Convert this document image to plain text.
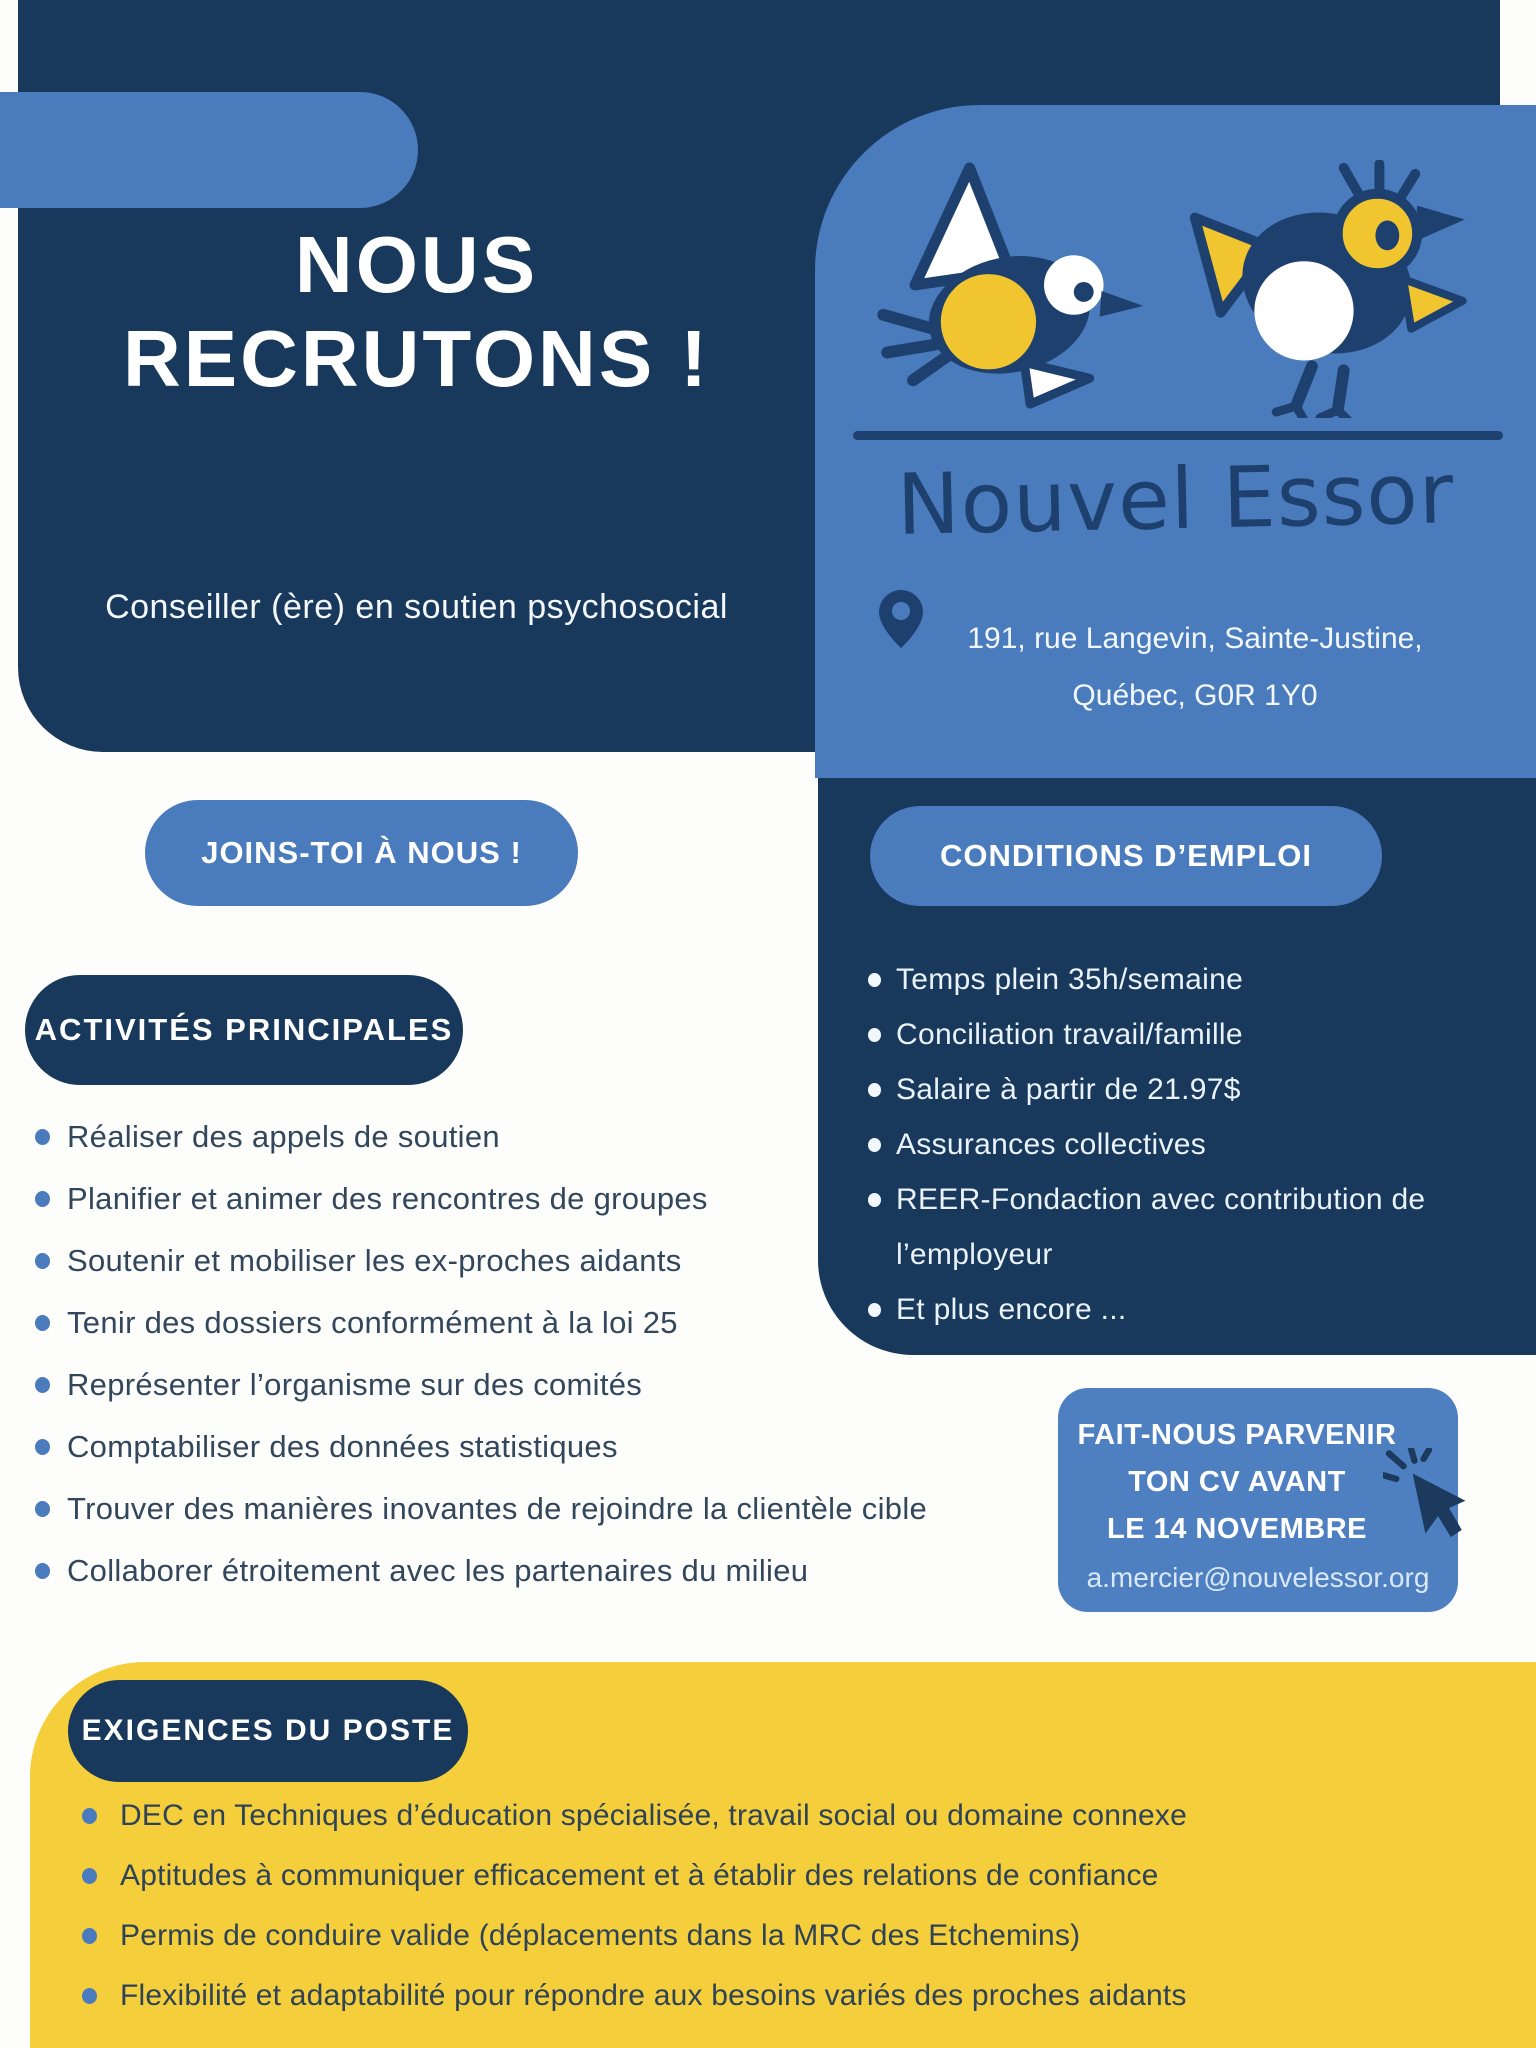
NOUS
RECRUTONS !
Conseiller (ère) en soutien psychosocial
Nouvel Essor
191, rue Langevin, Sainte-Justine,
Québec, G0R 1Y0
JOINS-TOI À NOUS !
ACTIVITÉS PRINCIPALES
Réaliser des appels de soutien
Planifier et animer des rencontres de groupes
Soutenir et mobiliser les ex-proches aidants
Tenir des dossiers conformément à la loi 25
Représenter l’organisme sur des comités
Comptabiliser des données statistiques
Trouver des manières inovantes de rejoindre la clientèle cible
Collaborer étroitement avec les partenaires du milieu
CONDITIONS D’EMPLOI
Temps plein 35h/semaine
Conciliation travail/famille
Salaire à partir de 21.97$
Assurances collectives
REER-Fondaction avec contribution de l’employeur
Et plus encore ...
FAIT-NOUS PARVENIR
TON CV AVANT
LE 14 NOVEMBRE
a.mercier@nouvelessor.org
EXIGENCES DU POSTE
DEC en Techniques d’éducation spécialisée, travail social ou domaine connexe
Aptitudes à communiquer efficacement et à établir des relations de confiance
Permis de conduire valide (déplacements dans la MRC des Etchemins)
Flexibilité et adaptabilité pour répondre aux besoins variés des proches aidants
